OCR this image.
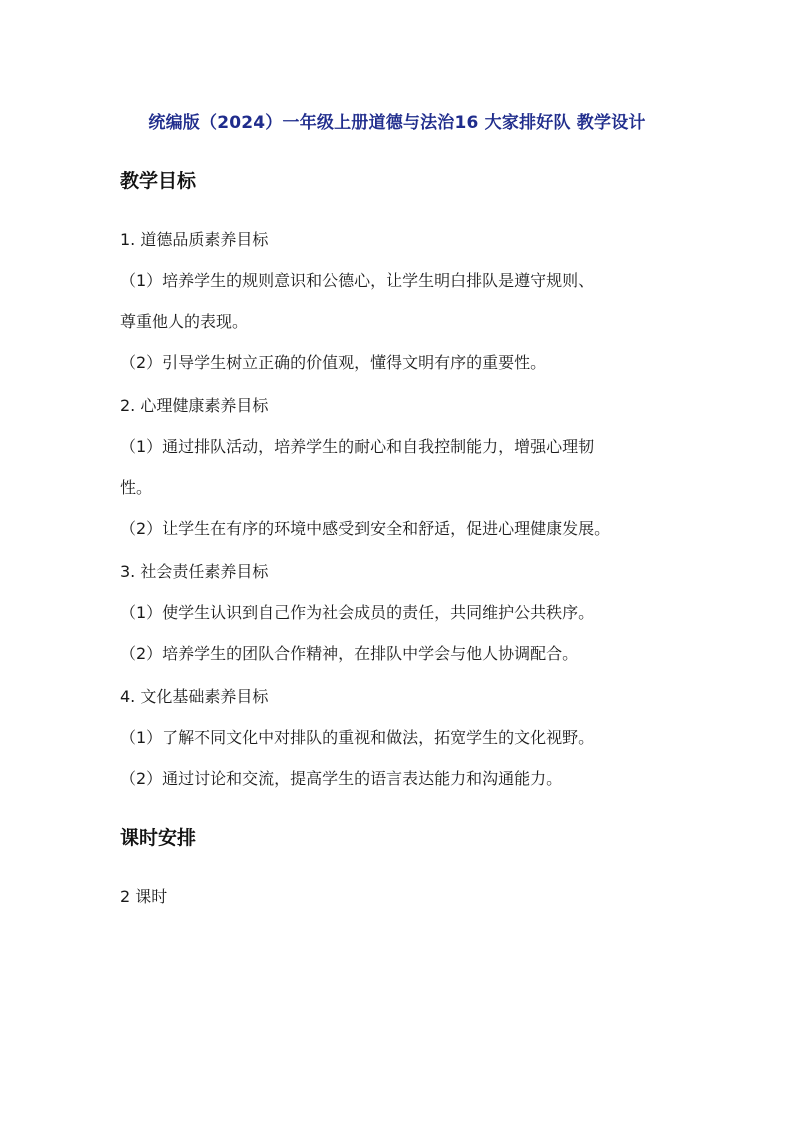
统编版（2024）一年级上册道德与法治16 大家排好队 教学设计
教学目标
1. 道德品质素养目标
（1）培养学生的规则意识和公德心，让学生明白排队是遵守规则、
尊重他人的表现。
（2）引导学生树立正确的价值观，懂得文明有序的重要性。
2. 心理健康素养目标
（1）通过排队活动，培养学生的耐心和自我控制能力，增强心理韧
性。
（2）让学生在有序的环境中感受到安全和舒适，促进心理健康发展。
3. 社会责任素养目标
（1）使学生认识到自己作为社会成员的责任，共同维护公共秩序。
（2）培养学生的团队合作精神，在排队中学会与他人协调配合。
4. 文化基础素养目标
（1）了解不同文化中对排队的重视和做法，拓宽学生的文化视野。
（2）通过讨论和交流，提高学生的语言表达能力和沟通能力。
课时安排
2 课时
